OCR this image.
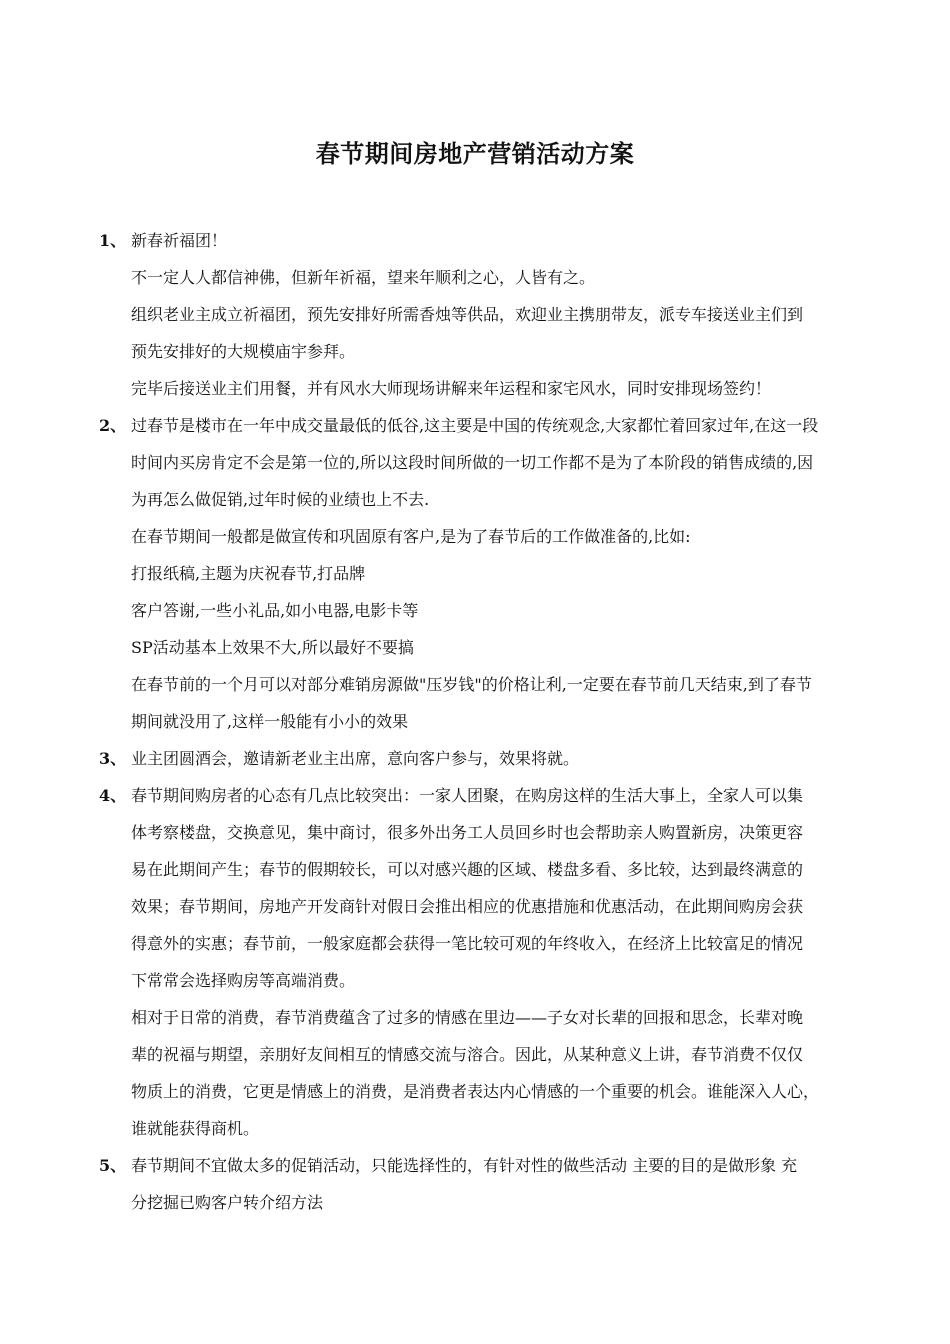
春节期间房地产营销活动方案
1、 新春祈福团！

不一定人人都信神佛，但新年祈福，望来年顺利之心，人皆有之。

组织老业主成立祈福团，预先安排好所需香烛等供品，欢迎业主携朋带友，派专车接送业主们到

预先安排好的大规模庙宇参拜。

完毕后接送业主们用餐，并有风水大师现场讲解来年运程和家宅风水，同时安排现场签约！

2、 过春节是楼市在一年中成交量最低的低谷,这主要是中国的传统观念,大家都忙着回家过年,在这一段

时间内买房肯定不会是第一位的,所以这段时间所做的一切工作都不是为了本阶段的销售成绩的,因

为再怎么做促销,过年时候的业绩也上不去.

在春节期间一般都是做宣传和巩固原有客户,是为了春节后的工作做准备的,比如:

打报纸稿,主题为庆祝春节,打品牌

客户答谢,一些小礼品,如小电器,电影卡等

SP活动基本上效果不大,所以最好不要搞

在春节前的一个月可以对部分难销房源做"压岁钱"的价格让利,一定要在春节前几天结束,到了春节

期间就没用了,这样一般能有小小的效果

3、 业主团圆酒会，邀请新老业主出席，意向客户参与，效果将就。

4、 春节期间购房者的心态有几点比较突出：一家人团聚，在购房这样的生活大事上，全家人可以集

体考察楼盘，交换意见，集中商讨，很多外出务工人员回乡时也会帮助亲人购置新房，决策更容

易在此期间产生；春节的假期较长，可以对感兴趣的区域、楼盘多看、多比较，达到最终满意的

效果；春节期间，房地产开发商针对假日会推出相应的优惠措施和优惠活动，在此期间购房会获

得意外的实惠；春节前，一般家庭都会获得一笔比较可观的年终收入，在经济上比较富足的情况

下常常会选择购房等高端消费。

相对于日常的消费，春节消费蕴含了过多的情感在里边——子女对长辈的回报和思念，长辈对晚

辈的祝福与期望，亲朋好友间相互的情感交流与溶合。因此，从某种意义上讲，春节消费不仅仅

物质上的消费，它更是情感上的消费，是消费者表达内心情感的一个重要的机会。谁能深入人心，

谁就能获得商机。

5、 春节期间不宜做太多的促销活动，只能选择性的，有针对性的做些活动 主要的目的是做形象 充

分挖掘已购客户转介绍方法
